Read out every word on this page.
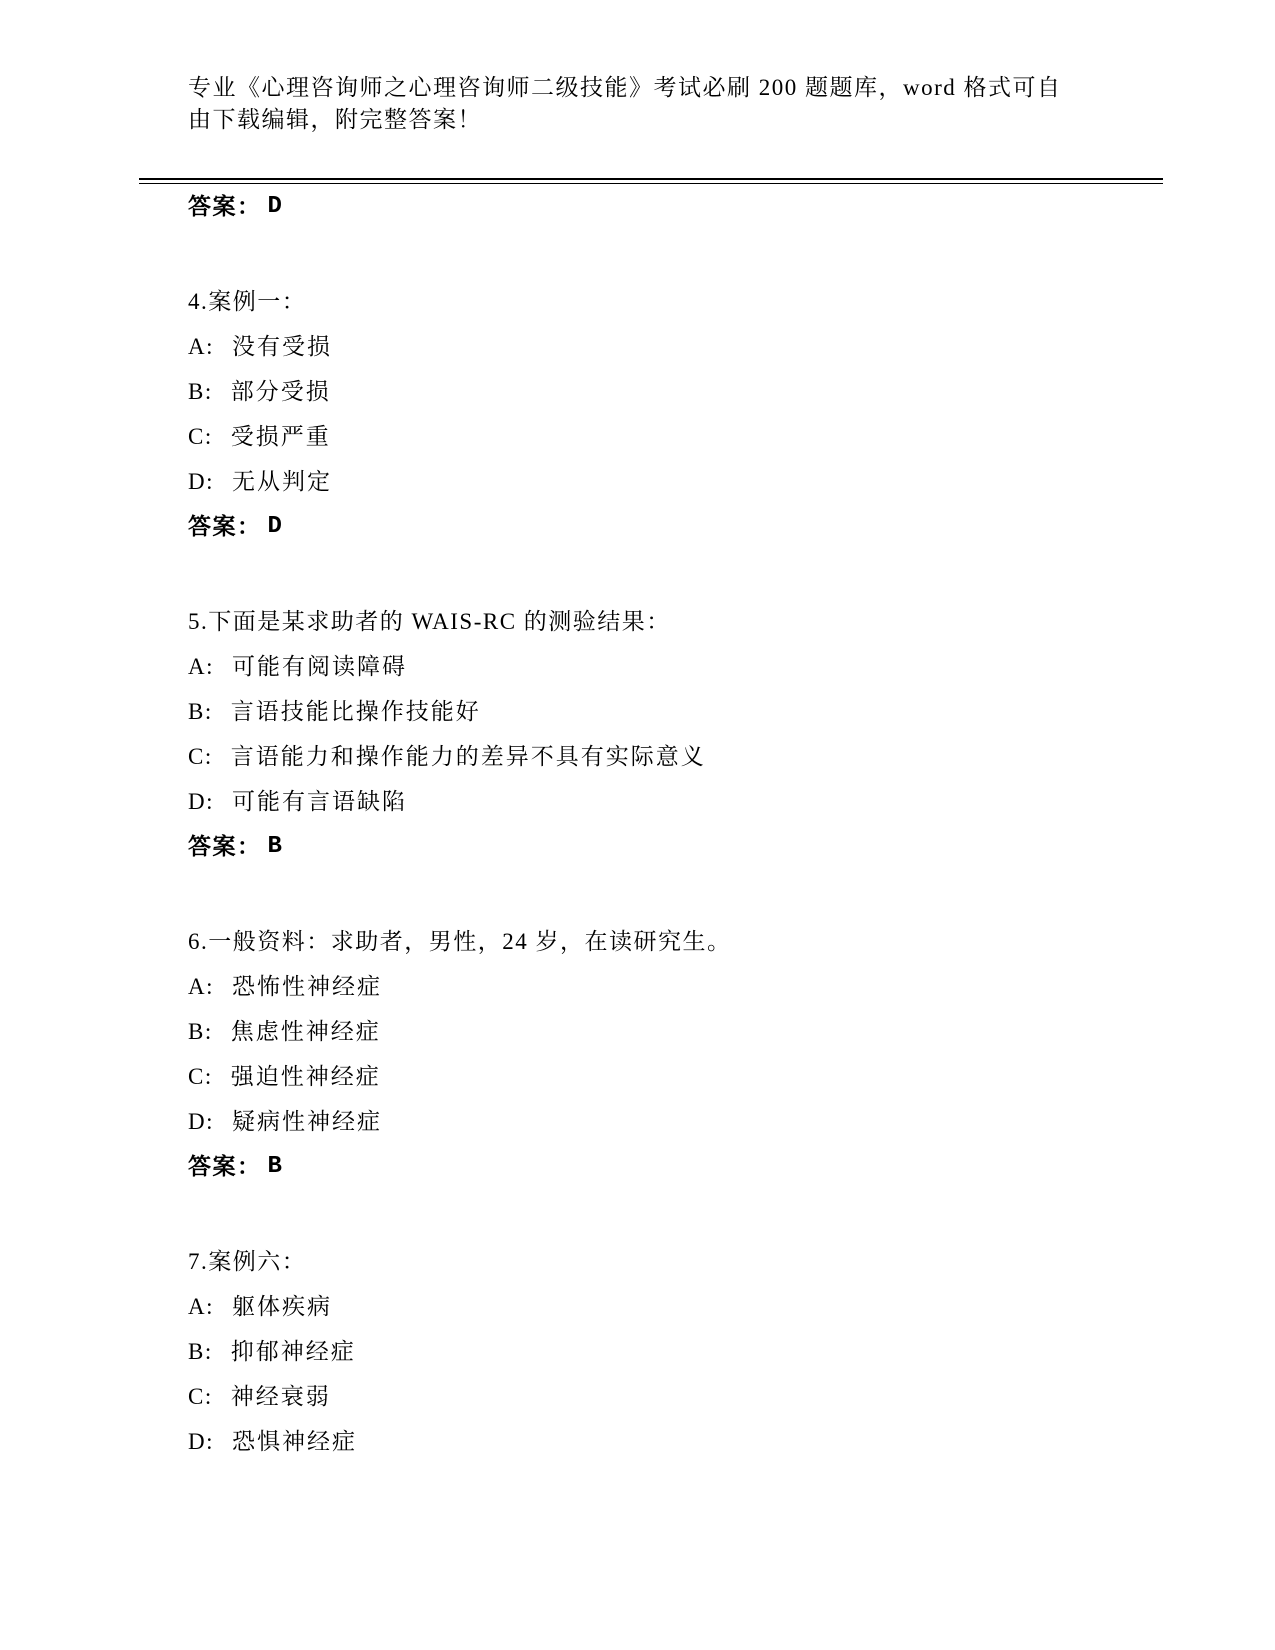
专业《心理咨询师之心理咨询师二级技能》考试必刷 200 题题库，word 格式可自
由下载编辑，附完整答案！
答案： D
4.案例一：
A: 没有受损
B: 部分受损
C: 受损严重
D: 无从判定
答案： D
5.下面是某求助者的 WAIS-RC 的测验结果：
A: 可能有阅读障碍
B: 言语技能比操作技能好
C: 言语能力和操作能力的差异不具有实际意义
D: 可能有言语缺陷
答案： B
6.一般资料：求助者，男性，24 岁，在读研究生。
A: 恐怖性神经症
B: 焦虑性神经症
C: 强迫性神经症
D: 疑病性神经症
答案： B
7.案例六：
A: 躯体疾病
B: 抑郁神经症
C: 神经衰弱
D: 恐惧神经症
